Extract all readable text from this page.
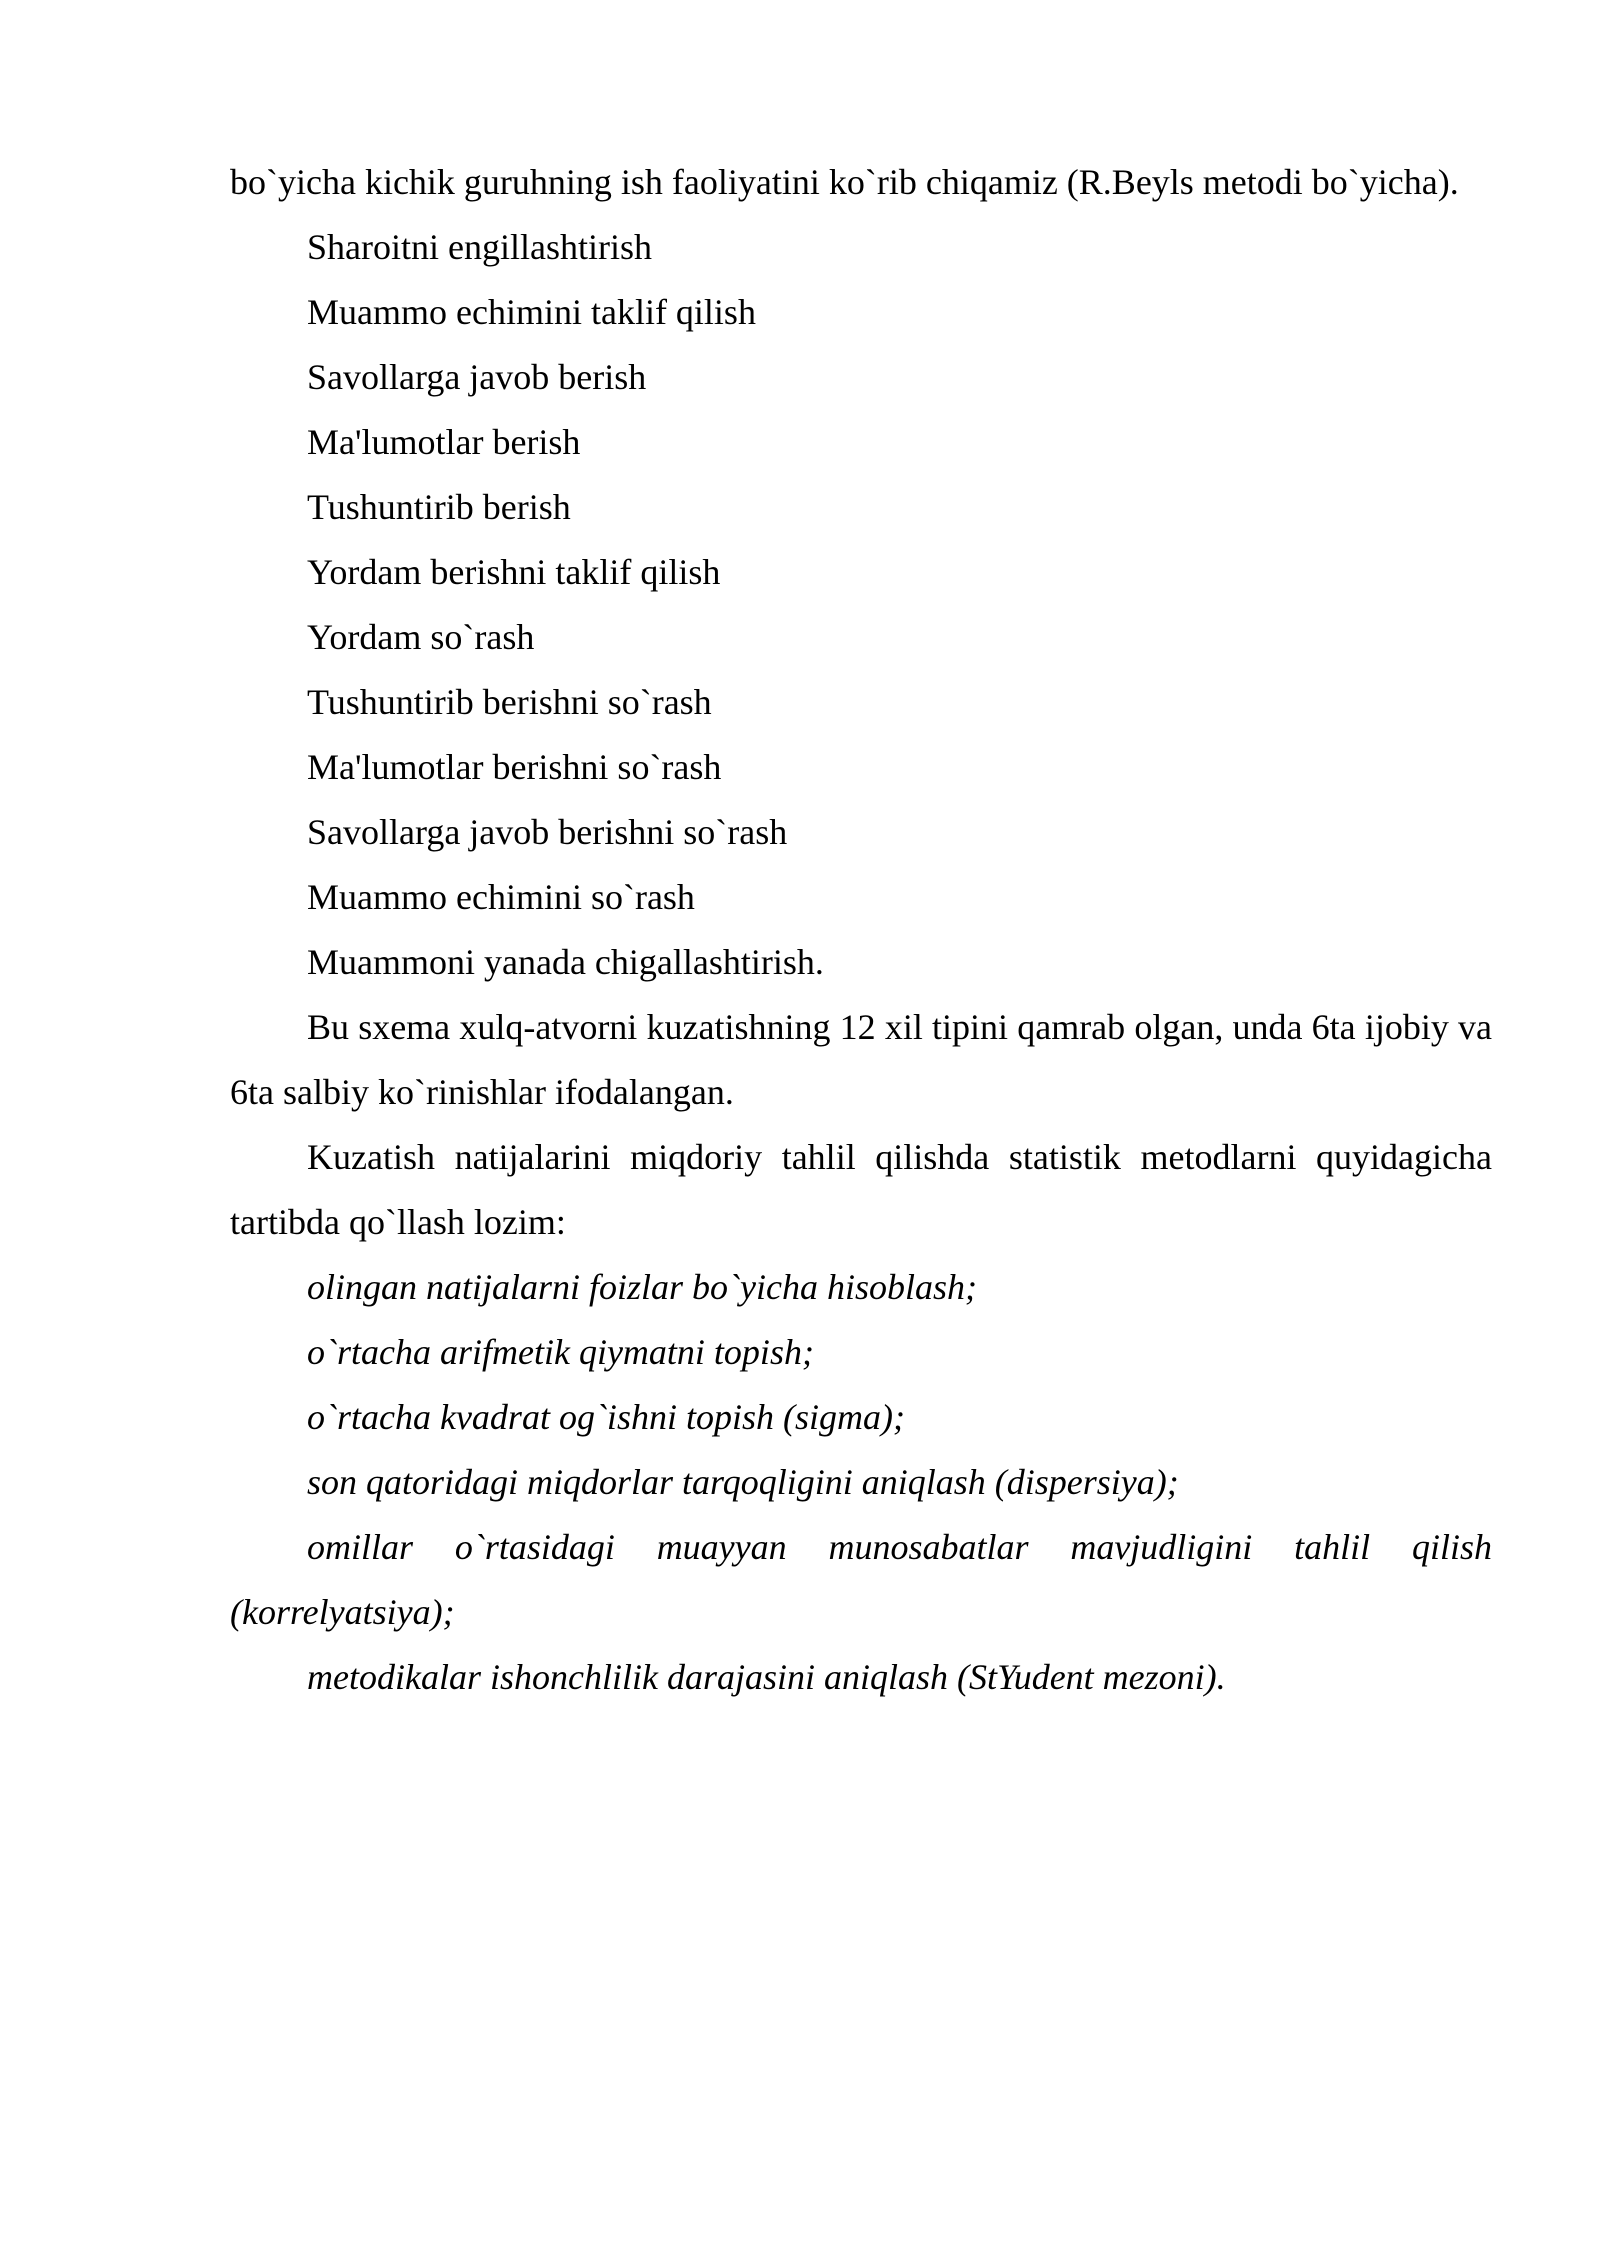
bo`yicha kichik guruhning ish faoliyatini ko`rib chiqamiz (R.Beyls metodi bo`yicha).

Sharoitni engillashtirish

Muammo echimini taklif qilish

Savollarga javob berish

Ma'lumotlar berish

Tushuntirib berish

Yordam berishni taklif qilish

Yordam so`rash

Tushuntirib berishni so`rash

Ma'lumotlar berishni so`rash

Savollarga javob berishni so`rash

Muammo echimini so`rash

Muammoni yanada chigallashtirish.

Bu sxema xulq-atvorni kuzatishning 12 xil tipini qamrab olgan, unda 6ta ijobiy va 6ta salbiy ko`rinishlar ifodalangan.

Kuzatish natijalarini miqdoriy tahlil qilishda statistik metodlarni quyidagicha tartibda qo`llash lozim:

olingan natijalarni foizlar bo`yicha hisoblash;

o`rtacha arifmetik qiymatni topish;

o`rtacha kvadrat og`ishni topish (sigma);

son qatoridagi miqdorlar tarqoqligini aniqlash (dispersiya);

omillar o`rtasidagi muayyan munosabatlar mavjudligini tahlil qilish (korrelyatsiya);

metodikalar ishonchlilik darajasini aniqlash (StYudent mezoni).
